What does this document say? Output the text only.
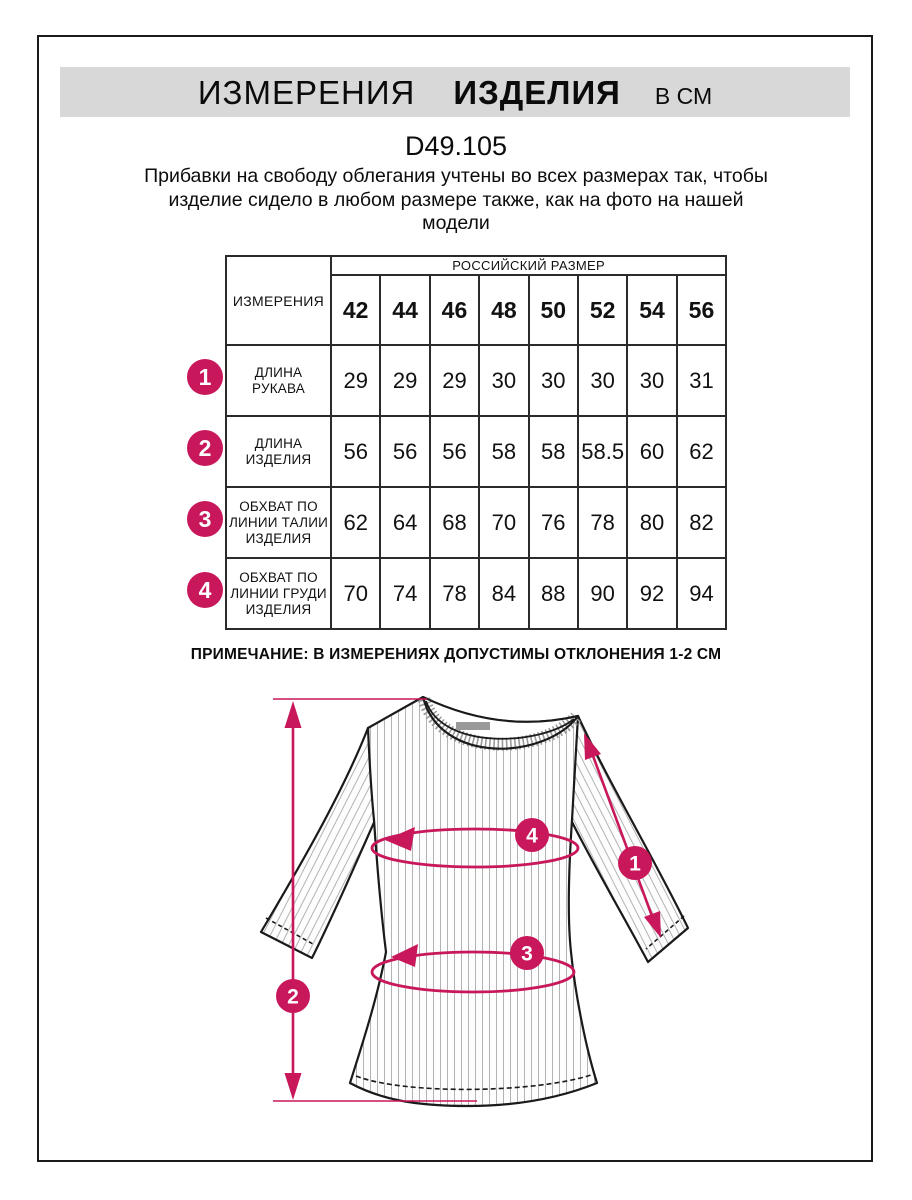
ИЗМЕРЕНИЯ ИЗДЕЛИЯ В СМ
D49.105
Прибавки на свободу облегания учтены во всех размерах так, чтобы
изделие сидело в любом размере также, как на фото на нашей
модели
ИЗМЕРЕНИЯ	РОССИЙСКИЙ РАЗМЕР							
	42	44	46	48	50	52	54	56

ДЛИНА РУКАВА	29	29	29	30	30	30	30	31

ДЛИНА
ИЗДЕЛИЯ	56	56	56	58	58	58.5	60	62

ОБХВАТ ПО
ЛИНИИ ТАЛИИ
ИЗДЕЛИЯ	62	64	68	70	76	78	80	82

ОБХВАТ ПО
ЛИНИИ ГРУДИ
ИЗДЕЛИЯ	70	74	78	84	88	90	92	94
1
2
3
4
ПРИМЕЧАНИЕ: В ИЗМЕРЕНИЯХ ДОПУСТИМЫ ОТКЛОНЕНИЯ 1-2 СМ
2
1
4
3
